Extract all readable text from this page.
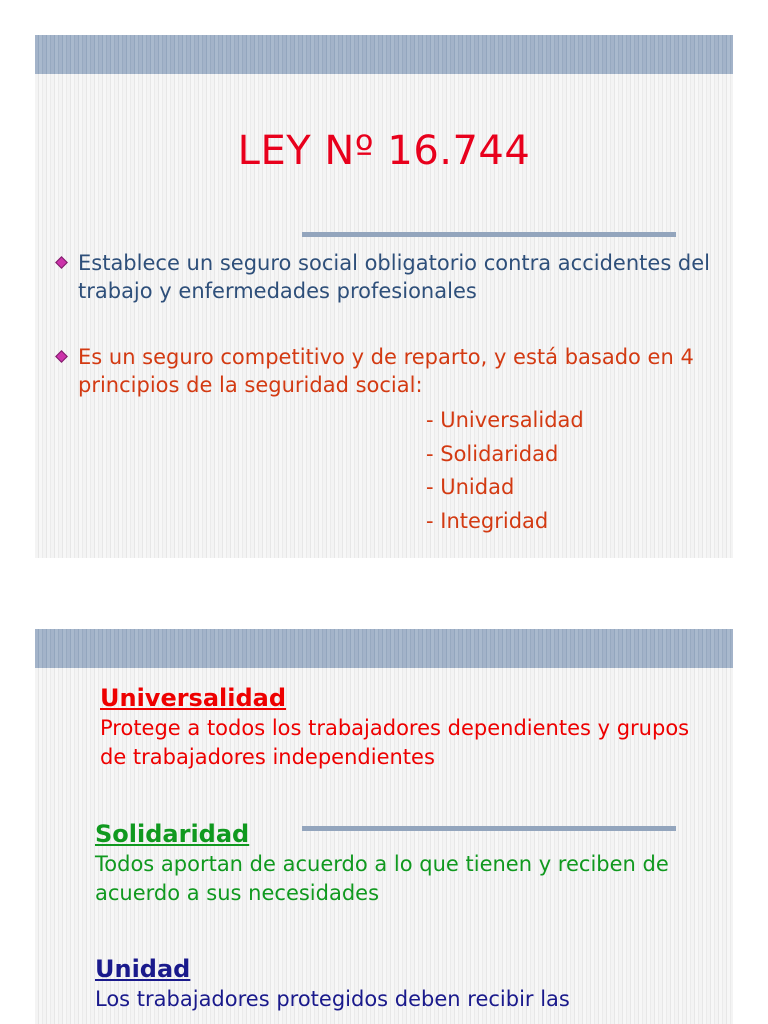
LEY Nº 16.744
Establece un seguro social obligatorio contra accidentes del trabajo y enfermedades profesionales
Es un seguro competitivo y de reparto, y está basado en 4 principios de la seguridad social:
- Universalidad
- Solidaridad
- Unidad
- Integridad
Universalidad
Protege a todos los trabajadores dependientes y grupos de trabajadores independientes
Solidaridad
Todos aportan de acuerdo a lo que tienen y reciben de acuerdo a sus necesidades
Unidad
Los trabajadores protegidos deben recibir las
